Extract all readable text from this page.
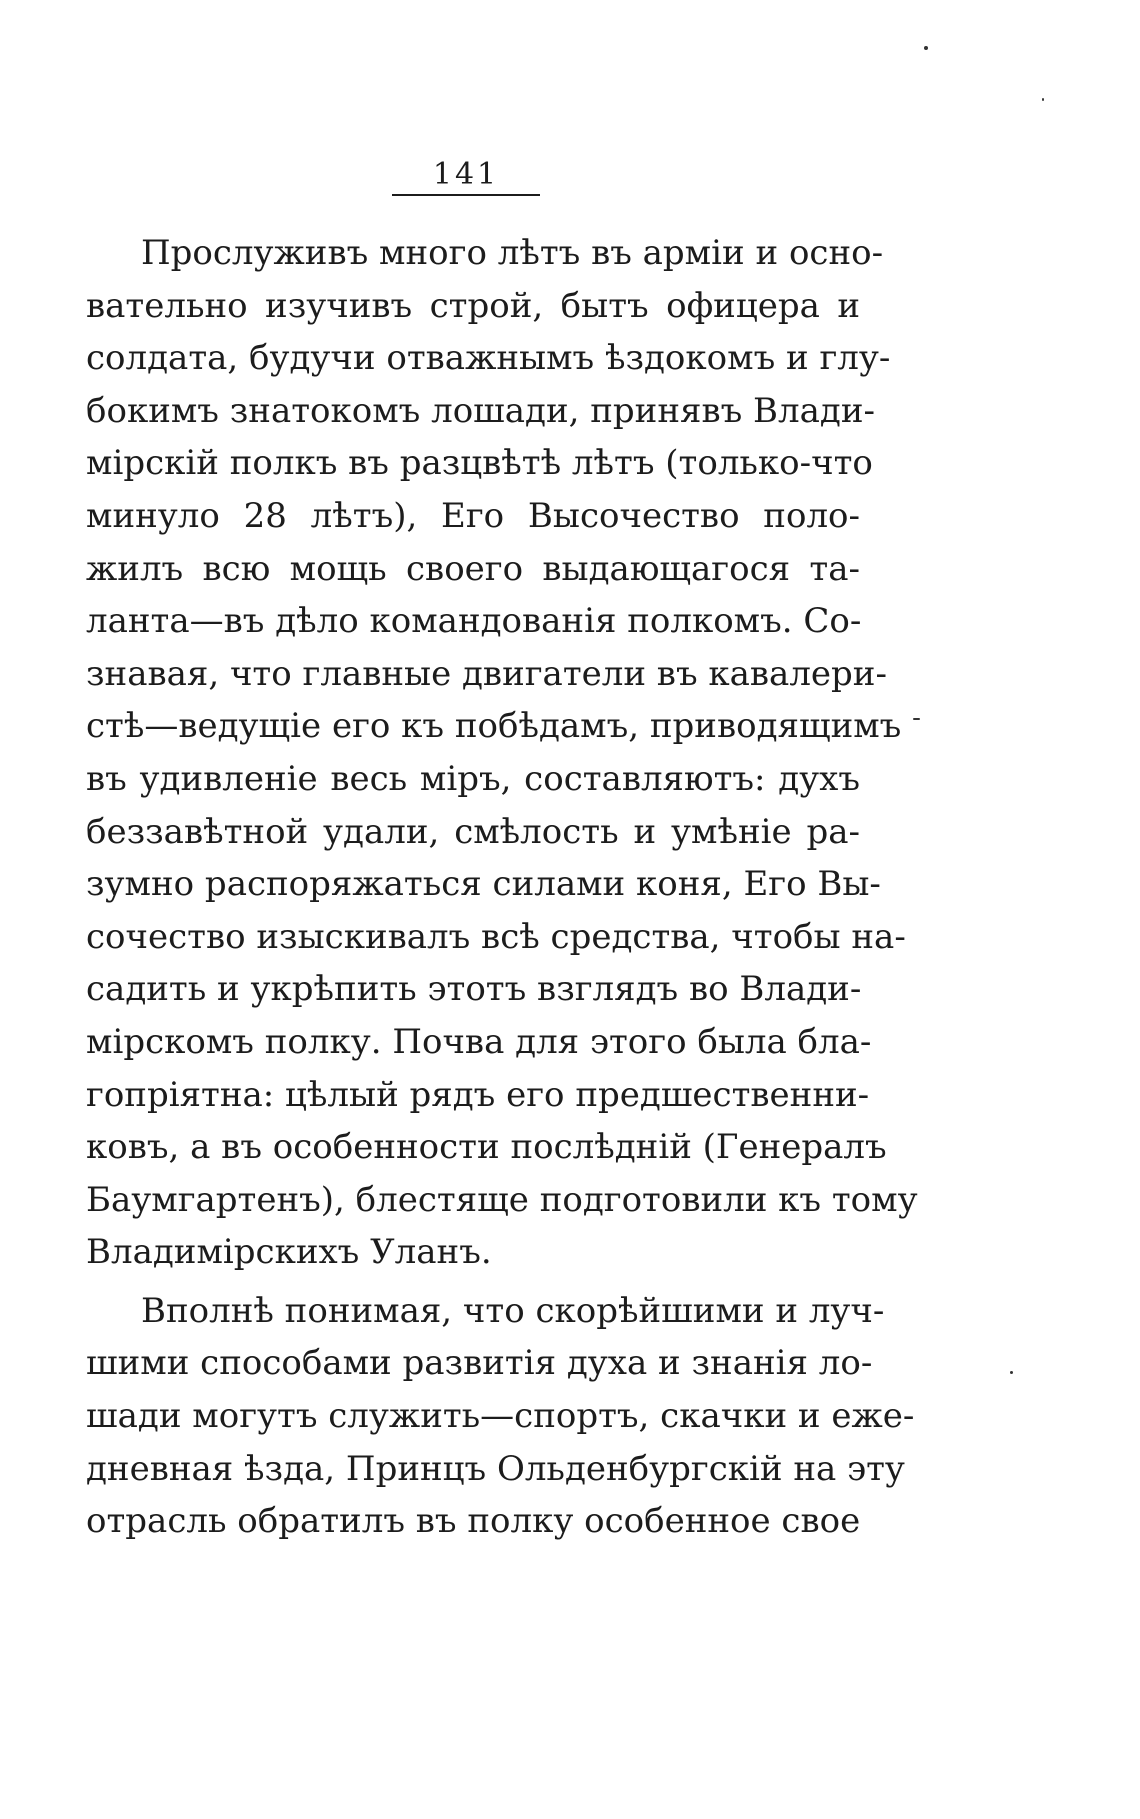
141
Прослуживъ много лѣтъ въ арміи и осно-
вательно изучивъ строй, бытъ офицера и
солдата, будучи отважнымъ ѣздокомъ и глу-
бокимъ знатокомъ лошади, принявъ Влади-
мірскій полкъ въ разцвѣтѣ лѣтъ (только-что
минуло 28 лѣтъ), Его Высочество поло-
жилъ всю мощь своего выдающагося та-
ланта—въ дѣло командованія полкомъ. Со-
знавая, что главные двигатели въ кавалери-
стѣ—ведущіе его къ побѣдамъ, приводящимъ
въ удивленіе весь міръ, составляютъ: духъ
беззавѣтной удали, смѣлость и умѣніе ра-
зумно распоряжаться силами коня, Его Вы-
сочество изыскивалъ всѣ средства, чтобы на-
садить и укрѣпить этотъ взглядъ во Влади-
мірскомъ полку. Почва для этого была бла-
гопріятна: цѣлый рядъ его предшественни-
ковъ, а въ особенности послѣдній (Генералъ
Баумгартенъ), блестяще подготовили къ тому
Владимірскихъ Уланъ.
Вполнѣ понимая, что скорѣйшими и луч-
шими способами развитія духа и знанія ло-
шади могутъ служить—спортъ, скачки и еже-
дневная ѣзда, Принцъ Ольденбургскій на эту
отрасль обратилъ въ полку особенное свое
